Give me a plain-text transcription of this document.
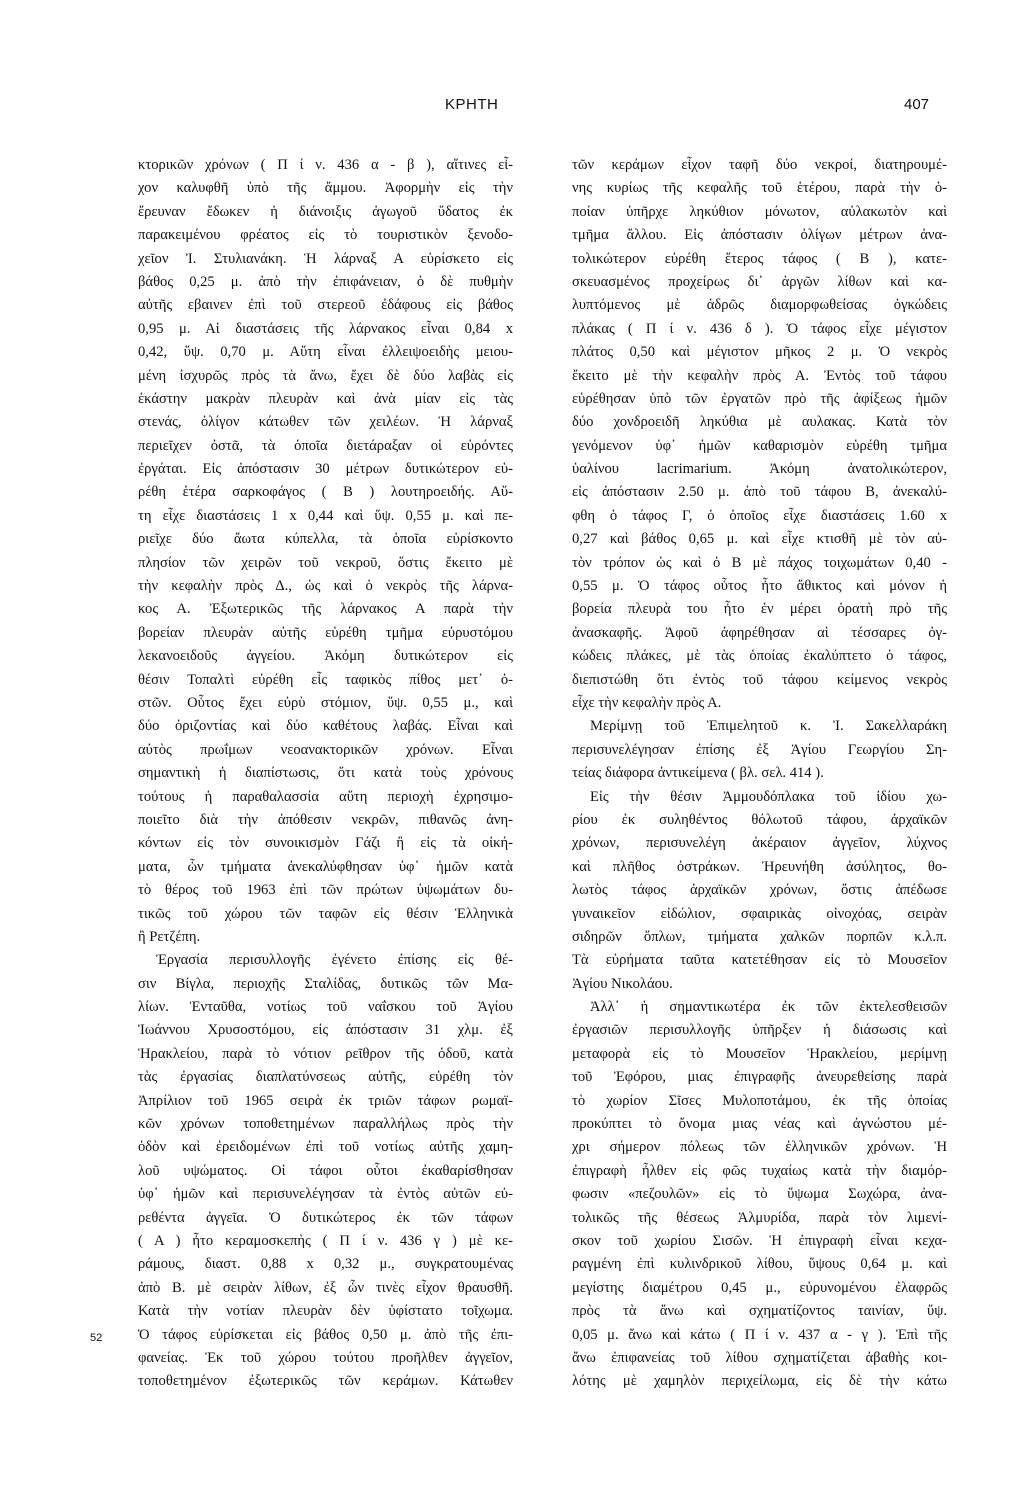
ΚΡΗΤΗ	407
κτορικῶν χρόνων ( Π ί ν. 436 α - β ), αἵτινες εἶ-
χον καλυφθῆ ὑπὸ τῆς ἄμμου. Ἀφορμὴν εἰς τὴν
ἔρευναν ἔδωκεν ἡ διάνοιξις ἀγωγοῦ ὕδατος ἐκ
παρακειμένου φρέατος εἰς τὸ τουριστικὸν ξενοδο-
χεῖον Ἰ. Στυλιανάκη. Ἡ λάρναξ Α εὑρίσκετο εἰς
βάθος 0,25 μ. ἀπὸ τὴν ἐπιφάνειαν, ὁ δὲ πυθμὴν
αὐτῆς εβαινεν ἐπὶ τοῦ στερεοῦ ἐδάφους εἰς βάθος
0,95 μ. Αἱ διαστάσεις τῆς λάρνακος εἶναι 0,84 x
0,42, ὕψ. 0,70 μ. Αὕτη εἶναι ἐλλειψοειδὴς μειου-
μένη ἰσχυρῶς πρὸς τὰ ἄνω, ἔχει δὲ δύο λαβὰς εἰς
ἑκάστην μακρὰν πλευρὰν καὶ ἀνὰ μίαν εἰς τὰς
στενάς, ὀλίγον κάτωθεν τῶν χειλέων. Ἡ λάρναξ
περιεῖχεν ὀστᾶ, τὰ ὁποῖα διετάραξαν οἱ εὑρόντες
ἐργάται. Εἰς ἀπόστασιν 30 μέτρων δυτικώτερον εὑ-
ρέθη ἑτέρα σαρκοφάγος ( Β ) λουτηροειδής. Αὕ-
τη εἶχε διαστάσεις 1 x 0,44 καὶ ὕψ. 0,55 μ. καὶ πε-
ριεῖχε δύο ἄωτα κύπελλα, τὰ ὁποῖα εὑρίσκοντο
πλησίον τῶν χειρῶν τοῦ νεκροῦ, ὅστις ἔκειτο μὲ
τὴν κεφαλὴν πρὸς Δ., ὡς καὶ ὁ νεκρὸς τῆς λάρνα-
κος Α. Ἐξωτερικῶς τῆς λάρνακος Α παρὰ τὴν
βορείαν πλευρὰν αὐτῆς εὑρέθη τμῆμα εὐρυστόμου
λεκανοειδοῦς ἀγγείου. Ἀκόμη δυτικώτερον εἰς
θέσιν Τοπαλτὶ εὑρέθη εἷς ταφικὸς πίθος μετ᾽ ὀ-
στῶν. Οὗτος ἔχει εὐρὺ στόμιον, ὕψ. 0,55 μ., καὶ
δύο ὁριζοντίας καὶ δύο καθέτους λαβάς. Εἶναι καὶ
αὐτὸς πρωΐμων νεοανακτορικῶν χρόνων. Εἶναι
σημαντικὴ ἡ διαπίστωσις, ὅτι κατὰ τοὺς χρόνους
τούτους ἡ παραθαλασσία αὕτη περιοχὴ ἐχρησιμο-
ποιεῖτο διὰ τὴν ἀπόθεσιν νεκρῶν, πιθανῶς ἀνη-
κόντων εἰς τὸν συνοικισμὸν Γάζι ἢ εἰς τὰ οἰκή-
ματα, ὧν τμήματα ἀνεκαλύφθησαν ὑφ᾽ ἡμῶν κατὰ
τὸ θέρος τοῦ 1963 ἐπὶ τῶν πρώτων ὑψωμάτων δυ-
τικῶς τοῦ χώρου τῶν ταφῶν εἰς θέσιν Ἑλληνικὰ
ἢ Ρετζέπη.
Ἐργασία περισυλλογῆς ἐγένετο ἐπίσης εἰς θέ-
σιν Βίγλα, περιοχῆς Σταλίδας, δυτικῶς τῶν Μα-
λίων. Ἐνταῦθα, νοτίως τοῦ ναΐσκου τοῦ Ἁγίου
Ἰωάννου Χρυσοστόμου, εἰς ἀπόστασιν 31 χλμ. ἐξ
Ἡρακλείου, παρὰ τὸ νότιον ρεῖθρον τῆς ὁδοῦ, κατὰ
τὰς ἐργασίας διαπλατύνσεως αὐτῆς, εὑρέθη τὸν
Ἀπρίλιον τοῦ 1965 σειρὰ ἐκ τριῶν τάφων ρωμαϊ-
κῶν χρόνων τοποθετημένων παραλλήλως πρὸς τὴν
ὁδὸν καὶ ἐρειδομένων ἐπὶ τοῦ νοτίως αὐτῆς χαμη-
λοῦ υψώματος. Οἱ τάφοι οὗτοι ἐκαθαρίσθησαν
ὑφ᾽ ἡμῶν καὶ περισυνελέγησαν τὰ ἐντὸς αὐτῶν εὑ-
ρεθέντα ἀγγεῖα. Ὁ δυτικώτερος ἐκ τῶν τάφων
( Α ) ἦτο κεραμοσκεπὴς ( Π ί ν. 436 γ ) μὲ κε-
ράμους, διαστ. 0,88 x 0,32 μ., συγκρατουμένας
ἀπὸ Β. μὲ σειρὰν λίθων, ἐξ ὧν τινὲς εἶχον θραυσθῆ.
Κατὰ τὴν νοτίαν πλευρὰν δὲν ὑφίστατο τοῖχωμα.
Ὁ τάφος εὑρίσκεται εἰς βάθος 0,50 μ. ἀπὸ τῆς ἐπι-
φανείας. Ἐκ τοῦ χώρου τούτου προῆλθεν ἀγγεῖον,
τοποθετημένον ἐξωτερικῶς τῶν κεράμων. Κάτωθεν
τῶν κεράμων εἶχον ταφῆ δύο νεκροί, διατηρουμέ-
νης κυρίως τῆς κεφαλῆς τοῦ ἑτέρου, παρὰ τὴν ὁ-
ποίαν ὑπῆρχε ληκύθιον μόνωτον, αὐλακωτὸν καὶ
τμῆμα ἄλλου. Εἰς ἀπόστασιν ὀλίγων μέτρων ἀνα-
τολικώτερον εὑρέθη ἕτερος τάφος ( Β ), κατε-
σκευασμένος προχείρως δι᾽ ἀργῶν λίθων καὶ κα-
λυπτόμενος μὲ ἀδρῶς διαμορφωθείσας ὀγκώδεις
πλάκας ( Π ί ν. 436 δ ). Ὁ τάφος εἶχε μέγιστον
πλάτος 0,50 καὶ μέγιστον μῆκος 2 μ. Ὁ νεκρὸς
ἔκειτο μὲ τὴν κεφαλὴν πρὸς Α. Ἐντὸς τοῦ τάφου
εὑρέθησαν ὑπὸ τῶν ἐργατῶν πρὸ τῆς ἀφίξεως ἡμῶν
δύο χονδροειδῆ ληκύθια μὲ αυλακας. Κατὰ τὸν
γενόμενον ὑφ᾽ ἡμῶν καθαρισμὸν εὑρέθη τμῆμα
ὑαλίνου lacrimarium. Ἀκόμη ἀνατολικώτερον,
εἰς ἀπόστασιν 2.50 μ. ἀπὸ τοῦ τάφου Β, ἀνεκαλύ-
φθη ὁ τάφος Γ, ὁ ὁποῖος εἶχε διαστάσεις 1.60 x
0,27 καὶ βάθος 0,65 μ. καὶ εἶχε κτισθῆ μὲ τὸν αὐ-
τὸν τρόπον ὡς καὶ ὁ Β μὲ πάχος τοιχωμάτων 0,40 -
0,55 μ. Ὁ τάφος οὗτος ἦτο ἄθικτος καὶ μόνον ἡ
βορεία πλευρὰ του ἦτο ἐν μέρει ὁρατὴ πρὸ τῆς
ἀνασκαφῆς. Ἀφοῦ ἀφηρέθησαν αἱ τέσσαρες ὀγ-
κώδεις πλάκες, μὲ τὰς ὁποίας ἐκαλύπτετο ὁ τάφος,
διεπιστώθη ὅτι ἐντὸς τοῦ τάφου κείμενος νεκρὸς
εἶχε τὴν κεφαλὴν πρὸς Α.
Μερίμνῃ τοῦ Ἐπιμελητοῦ κ. Ἰ. Σακελλαράκη
περισυνελέγησαν ἐπίσης ἐξ Ἁγίου Γεωργίου Ση-
τείας διάφορα ἀντικείμενα ( βλ. σελ. 414 ).
Εἰς τὴν θέσιν Ἀμμουδόπλακα τοῦ ἰδίου χω-
ρίου ἐκ συληθέντος θόλωτοῦ τάφου, ἀρχαϊκῶν
χρόνων, περισυνελέγη ἀκέραιον ἀγγεῖον, λύχνος
καὶ πλῆθος ὀστράκων. Ἠρευνήθη ἀσύλητος, θο-
λωτὸς τάφος ἀρχαϊκῶν χρόνων, ὅστις ἀπέδωσε
γυναικεῖον εἰδώλιον, σφαιρικὰς οἰνοχόας, σειρὰν
σιδηρῶν ὅπλων, τμήματα χαλκῶν πορπῶν κ.λ.π.
Τὰ εὑρήματα ταῦτα κατετέθησαν εἰς τὸ Μουσεῖον
Ἁγίου Νικολάου.
Ἀλλ᾽ ἡ σημαντικωτέρα ἐκ τῶν ἐκτελεσθεισῶν
ἐργασιῶν περισυλλογῆς ὑπῆρξεν ἡ διάσωσις καὶ
μεταφορὰ εἰς τὸ Μουσεῖον Ἡρακλείου, μερίμνῃ
τοῦ Ἐφόρου, μιας ἐπιγραφῆς ἀνευρεθείσης παρὰ
τὸ χωρίον Σῖσες Μυλοποτάμου, ἐκ τῆς ὁποίας
προκύπτει τὸ ὄνομα μιας νέας καὶ ἀγνώστου μέ-
χρι σήμερον πόλεως τῶν ἑλληνικῶν χρόνων. Ἡ
ἐπιγραφὴ ἦλθεν εἰς φῶς τυχαίως κατὰ τὴν διαμόρ-
φωσιν «πεζουλῶν» εἰς τὸ ὕψωμα Σωχώρα, ἀνα-
τολικῶς τῆς θέσεως Ἁλμυρίδα, παρὰ τὸν λιμενί-
σκον τοῦ χωρίου Σισῶν. Ἡ ἐπιγραφὴ εἶναι κεχα-
ραγμένη ἐπὶ κυλινδρικοῦ λίθου, ὕψους 0,64 μ. καὶ
μεγίστης διαμέτρου 0,45 μ., εὐρυνομένου ἐλαφρῶς
πρὸς τὰ ἄνω καὶ σχηματίζοντος ταινίαν, ὕψ.
0,05 μ. ἄνω καὶ κάτω ( Π ί ν. 437 α - γ ). Ἐπὶ τῆς
ἄνω ἐπιφανείας τοῦ λίθου σχηματίζεται ἀβαθὴς κοι-
λότης μὲ χαμηλὸν περιχείλωμα, εἰς δὲ τὴν κάτω
52
